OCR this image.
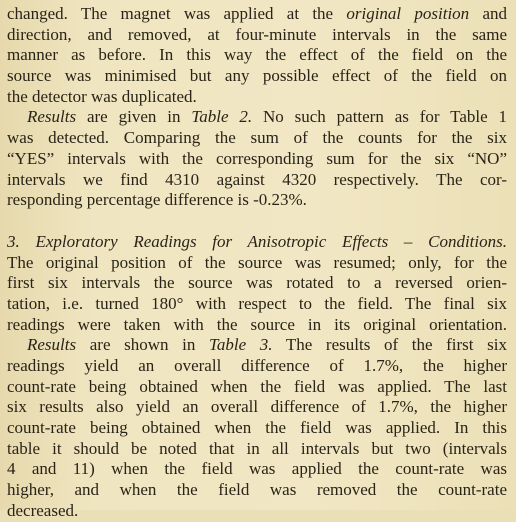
changed. The magnet was applied at the original position and
direction, and removed, at four-minute intervals in the same
manner as before. In this way the effect of the field on the
source was minimised but any possible effect of the field on
the detector was duplicated.
Results are given in Table 2. No such pattern as for Table 1
was detected. Comparing the sum of the counts for the six
“YES” intervals with the corresponding sum for the six “NO”
intervals we find 4310 against 4320 respectively. The cor-
responding percentage difference is -0.23%.
3. Exploratory Readings for Anisotropic Effects – Conditions.
The original position of the source was resumed; only, for the
first six intervals the source was rotated to a reversed orien-
tation, i.e. turned 180° with respect to the field. The final six
readings were taken with the source in its original orientation.
Results are shown in Table 3. The results of the first six
readings yield an overall difference of 1.7%, the higher
count-rate being obtained when the field was applied. The last
six results also yield an overall difference of 1.7%, the higher
count-rate being obtained when the field was applied. In this
table it should be noted that in all intervals but two (intervals
4 and 11) when the field was applied the count-rate was
higher, and when the field was removed the count-rate
decreased.
